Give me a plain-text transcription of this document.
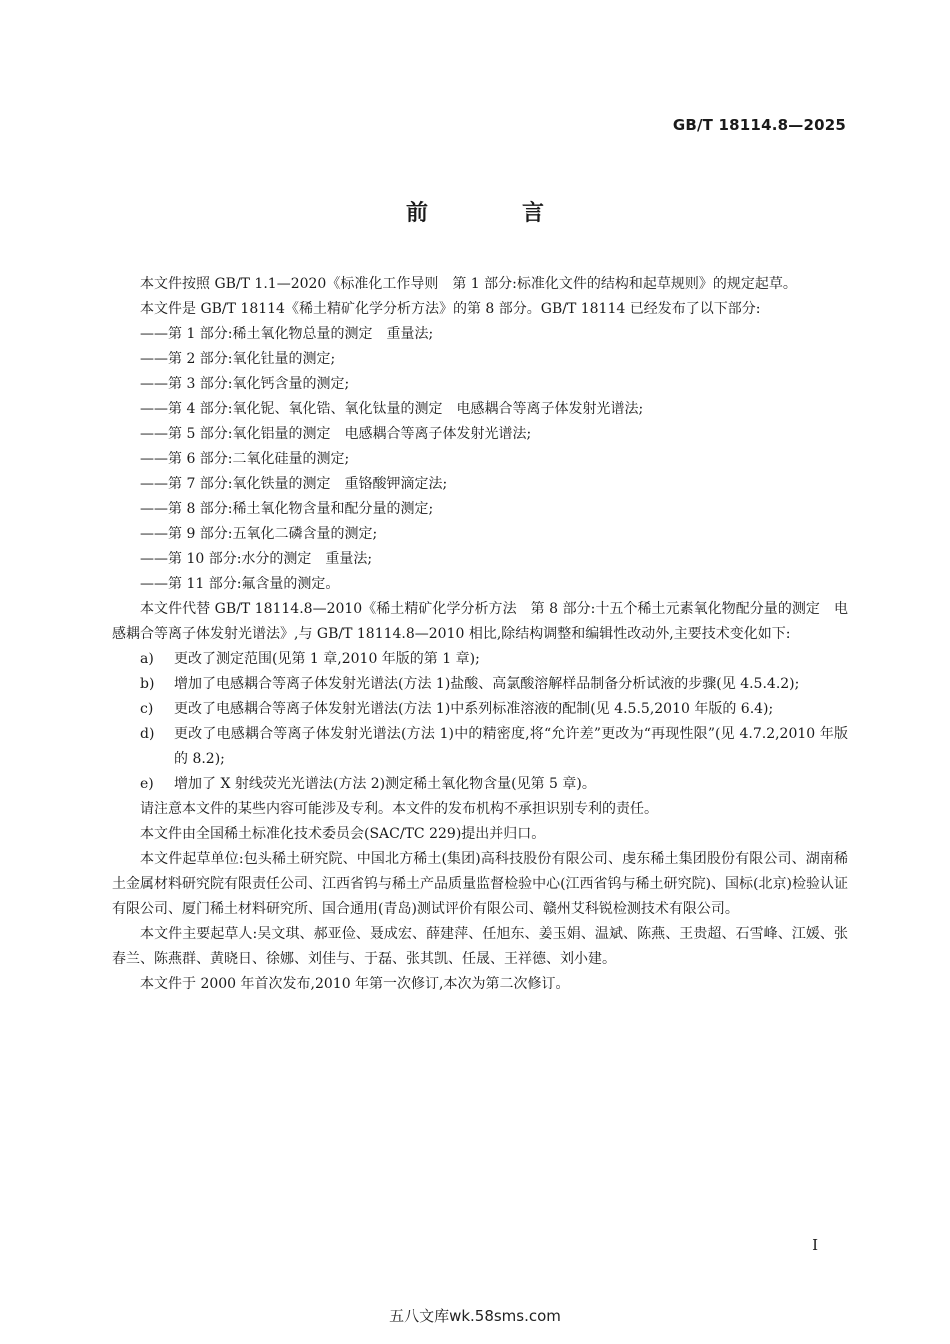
GB/T 18114.8—2025
前　言

本文件按照 GB/T 1.1—2020《标准化工作导则　第 1 部分:标准化文件的结构和起草规则》的规定起草。

本文件是 GB/T 18114《稀土精矿化学分析方法》的第 8 部分。GB/T 18114 已经发布了以下部分:

——第 1 部分:稀土氧化物总量的测定　重量法;

——第 2 部分:氧化钍量的测定;

——第 3 部分:氧化钙含量的测定;

——第 4 部分:氧化铌、氧化锆、氧化钛量的测定　电感耦合等离子体发射光谱法;

——第 5 部分:氧化铝量的测定　电感耦合等离子体发射光谱法;

——第 6 部分:二氧化硅量的测定;

——第 7 部分:氧化铁量的测定　重铬酸钾滴定法;

——第 8 部分:稀土氧化物含量和配分量的测定;

——第 9 部分:五氧化二磷含量的测定;

——第 10 部分:水分的测定　重量法;

——第 11 部分:氟含量的测定。

本文件代替 GB/T 18114.8—2010《稀土精矿化学分析方法　第 8 部分:十五个稀土元素氧化物配分量的测定　电感耦合等离子体发射光谱法》,与 GB/T 18114.8—2010 相比,除结构调整和编辑性改动外,主要技术变化如下:

a)	更改了测定范围(见第 1 章,2010 年版的第 1 章);
b)	增加了电感耦合等离子体发射光谱法(方法 1)盐酸、高氯酸溶解样品制备分析试液的步骤(见 4.5.4.2);
c)	更改了电感耦合等离子体发射光谱法(方法 1)中系列标准溶液的配制(见 4.5.5,2010 年版的 6.4);
d)	更改了电感耦合等离子体发射光谱法(方法 1)中的精密度,将“允许差”更改为“再现性限”(见 4.7.2,2010 年版的 8.2);
e)	增加了 X 射线荧光光谱法(方法 2)测定稀土氧化物含量(见第 5 章)。

请注意本文件的某些内容可能涉及专利。本文件的发布机构不承担识别专利的责任。

本文件由全国稀土标准化技术委员会(SAC/TC 229)提出并归口。

本文件起草单位:包头稀土研究院、中国北方稀土(集团)高科技股份有限公司、虔东稀土集团股份有限公司、湖南稀土金属材料研究院有限责任公司、江西省钨与稀土产品质量监督检验中心(江西省钨与稀土研究院)、国标(北京)检验认证有限公司、厦门稀土材料研究所、国合通用(青岛)测试评价有限公司、赣州艾科锐检测技术有限公司。

本文件主要起草人:吴文琪、郝亚俭、聂成宏、薛建萍、任旭东、姜玉娟、温斌、陈燕、王贵超、石雪峰、江媛、张春兰、陈燕群、黄晓日、徐娜、刘佳与、于磊、张其凯、任晟、王祥德、刘小建。

本文件于 2000 年首次发布,2010 年第一次修订,本次为第二次修订。

I
五八文库wk.58sms.com
